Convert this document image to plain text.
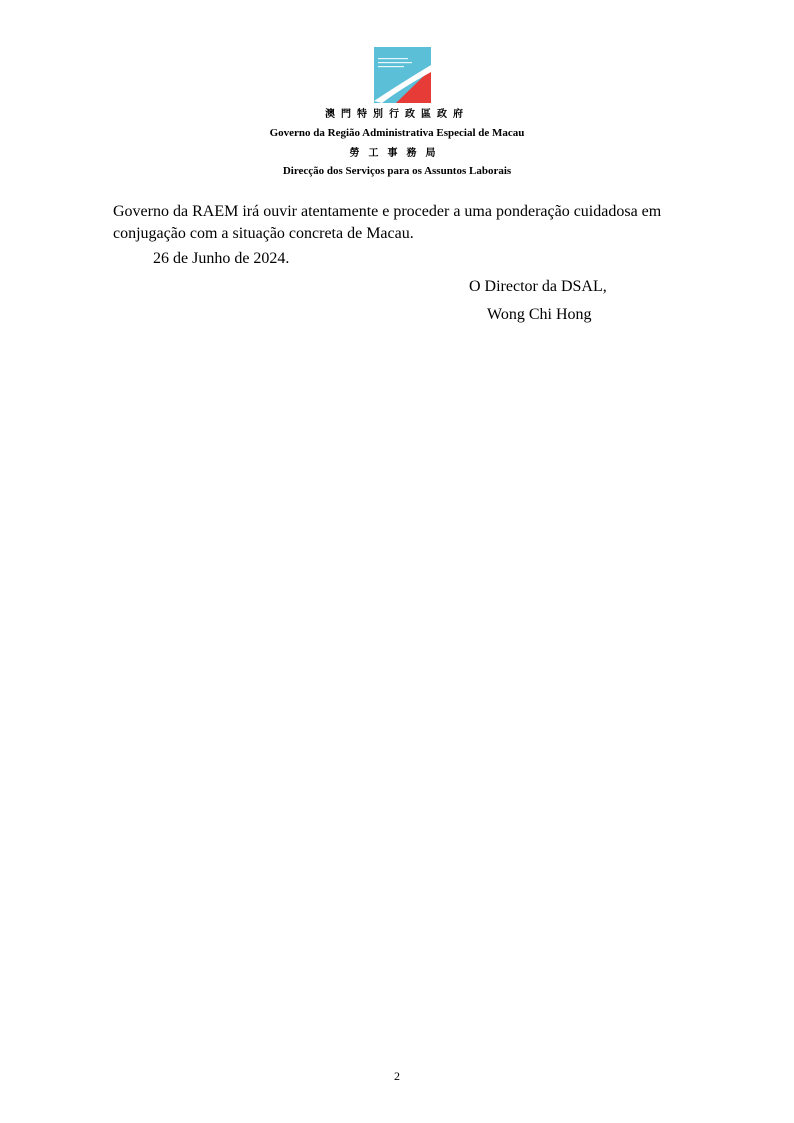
澳門特別行政區政府
Governo da Região Administrativa Especial de Macau
勞工事務局
Direcção dos Serviços para os Assuntos Laborais
Governo da RAEM irá ouvir atentamente e proceder a uma ponderação cuidadosa em conjugação com a situação concreta de Macau.
26 de Junho de 2024.
O Director da DSAL,
Wong Chi Hong
2
